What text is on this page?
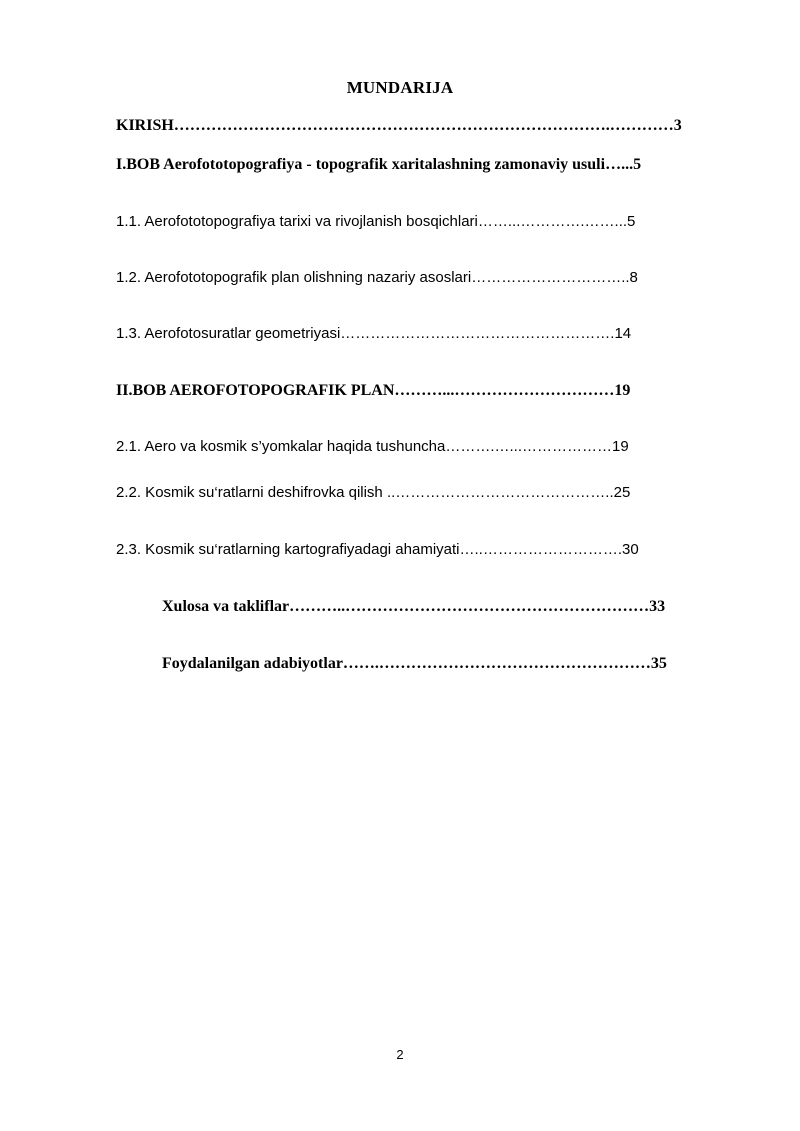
MUNDARIJA
KIRISH……………………………………………………………………….…………3
I.BOB Aerofototopografiya - topografik xaritalashning zamonaviy usuli…...5
1.1. Aerofototopografiya tarixi va rivojlanish bosqichlari……...………….……...5
1.2. Aerofototopografik plan olishning nazariy asoslari…………………………..8
1.3. Aerofotosuratlar geometriyasi……………………………………………….14
II.BOB AEROFOTOPOGRAFIK PLAN………...…………………………19
2.1. Aero va kosmik s’yomkalar haqida tushuncha……….…...………………19
2.2. Kosmik su‘ratlarni deshifrovka qilish ..……………………………………..25
2.3. Kosmik su‘ratlarning kartografiyadagi ahamiyati…..……………………….30
Xulosa va takliflar………..…………………………………………………33
Foydalanilgan adabiyotlar…….……………………………………………35
2
